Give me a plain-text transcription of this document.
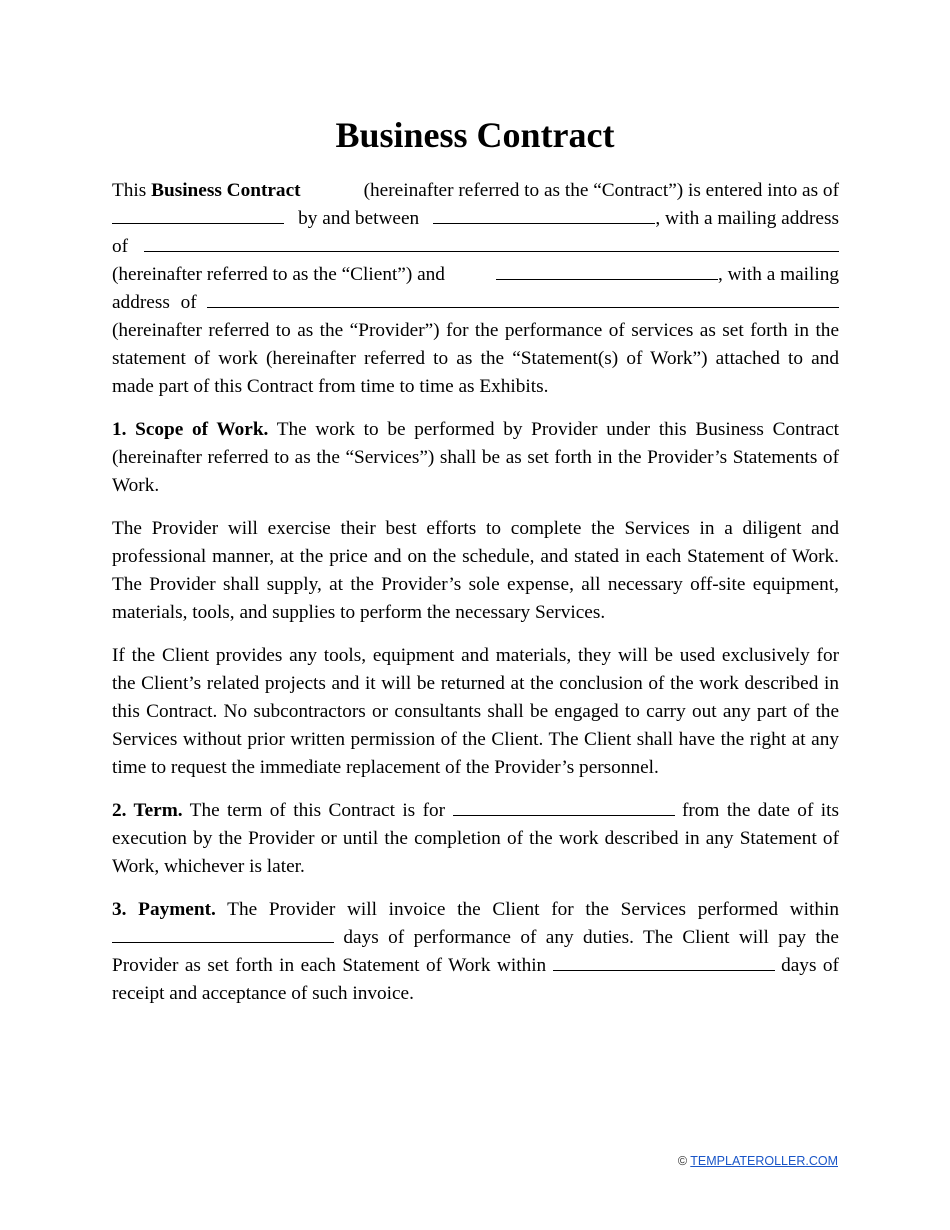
Business Contract
This Business Contract	(hereinafter referred to as the “Contract”) is entered into as of
by and between	, with a mailing address
of
(hereinafter referred to as the “Client”) and	, with a mailing
address of
(hereinafter referred to as the “Provider”) for the performance of services as set forth in the statement of work (hereinafter referred to as the “Statement(s) of Work”) attached to and made part of this Contract from time to time as Exhibits.
1. Scope of Work. The work to be performed by Provider under this Business Contract (hereinafter referred to as the “Services”) shall be as set forth in the Provider’s Statements of Work.
The Provider will exercise their best efforts to complete the Services in a diligent and professional manner, at the price and on the schedule, and stated in each Statement of Work. The Provider shall supply, at the Provider’s sole expense, all necessary off-site equipment, materials, tools, and supplies to perform the necessary Services.
If the Client provides any tools, equipment and materials, they will be used exclusively for the Client’s related projects and it will be returned at the conclusion of the work described in this Contract. No subcontractors or consultants shall be engaged to carry out any part of the Services without prior written permission of the Client. The Client shall have the right at any time to request the immediate replacement of the Provider’s personnel.
2. Term. The term of this Contract is for	from the date of its execution by the Provider or until the completion of the work described in any Statement of Work, whichever is later.
3. Payment. The Provider will invoice the Client for the Services performed within  days of performance of any duties. The Client will pay the Provider as set forth in each Statement of Work within	days of receipt and acceptance of such invoice.
© TEMPLATEROLLER.COM
